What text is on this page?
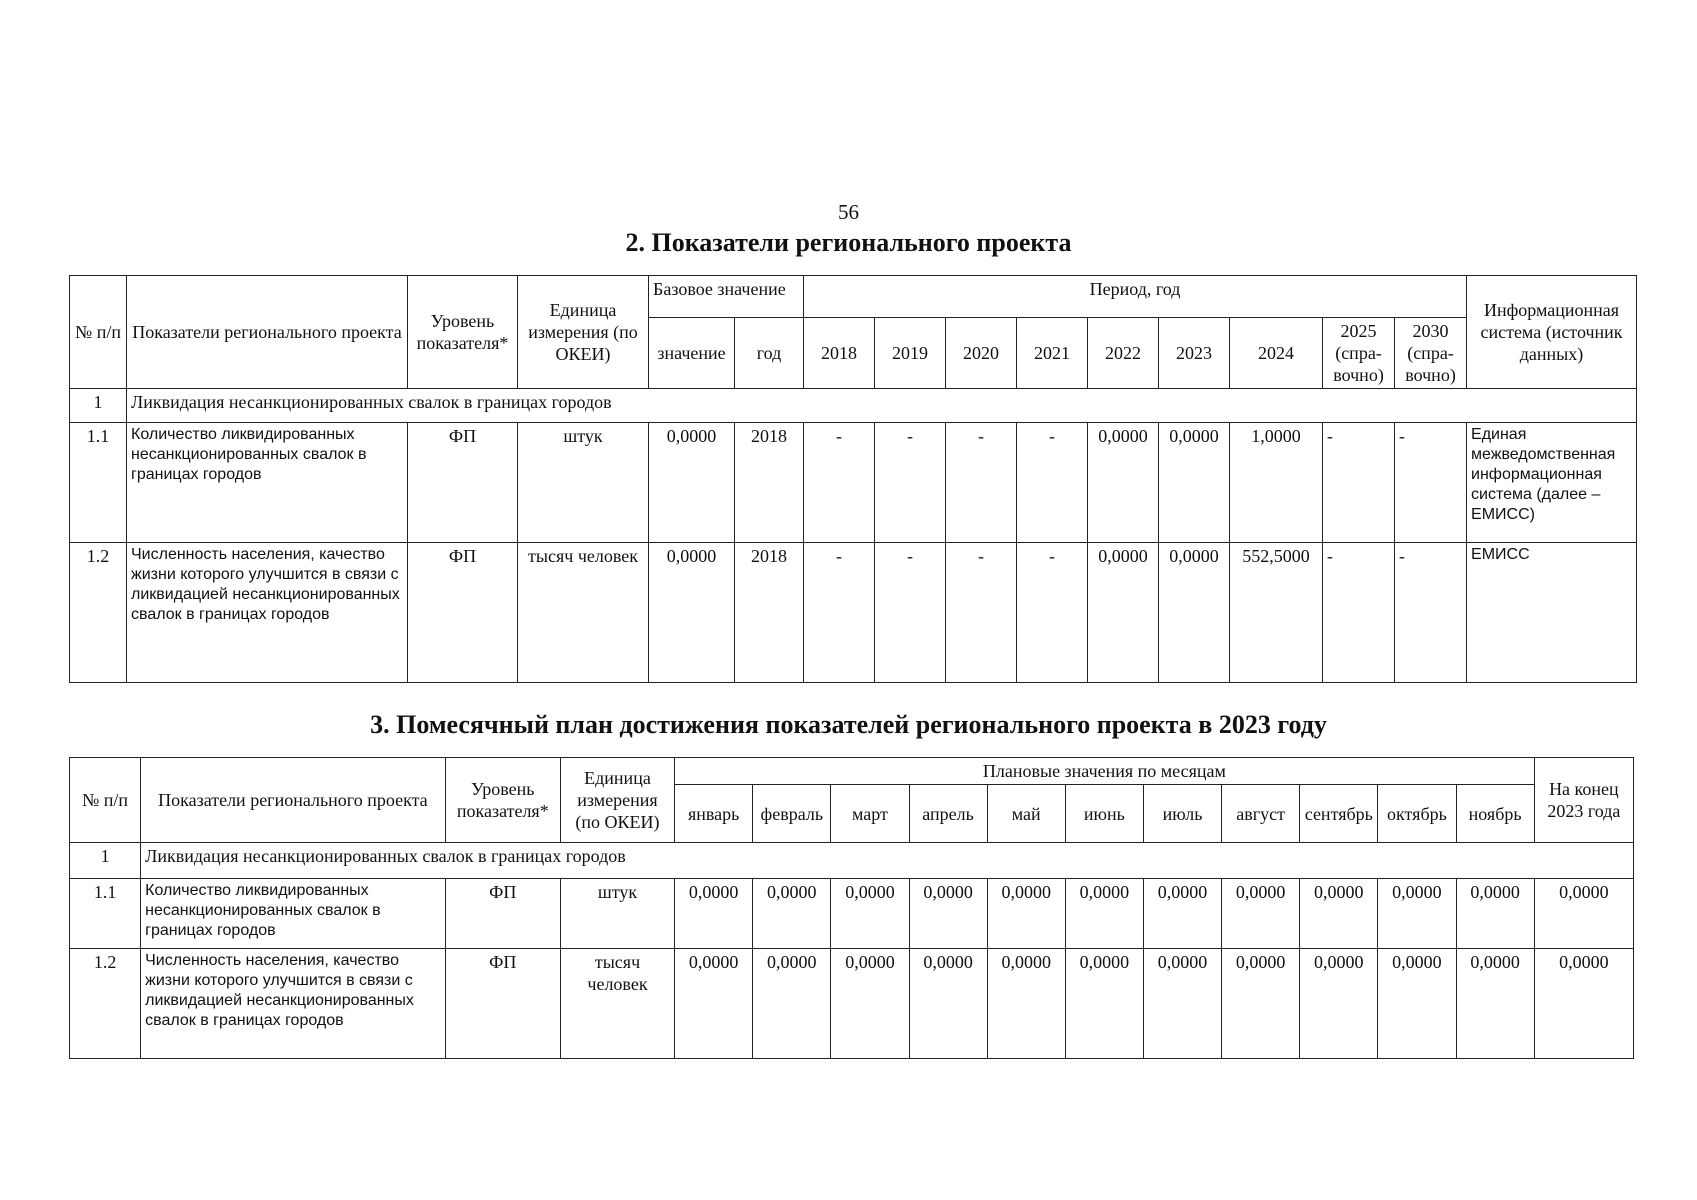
56
2. Показатели регионального проекта
№ п/п	Показатели регионального проекта	Уровень показателя*	Единица измерения (по ОКЕИ)	Базовое значение		Период, год									Информационная система (источник данных)
				значение	год	2018	2019	2020	2021	2022	2023	2024	2025 (спра-вочно)	2030 (спра-вочно)	
1	Ликвидация несанкционированных свалок в границах городов														
1.1	Количество ликвидированных несанкционированных свалок в границах городов	ФП	штук	0,0000	2018	-	-	-	-	0,0000	0,0000	1,0000	-	-	Единая межведомственная информационная система (далее – ЕМИСС)
1.2	Численность населения, качество жизни которого улучшится в связи с ликвидацией несанкционированных свалок в границах городов	ФП	тысяч человек	0,0000	2018	-	-	-	-	0,0000	0,0000	552,5000	-	-	ЕМИСС
3. Помесячный план достижения показателей регионального проекта в 2023 году
№ п/п	Показатели регионального проекта	Уровень показателя*	Единица измерения (по ОКЕИ)	Плановые значения по месяцам											На конец 2023 года
				январь	февраль	март	апрель	май	июнь	июль	август	сентябрь	октябрь	ноябрь	
1	Ликвидация несанкционированных свалок в границах городов														
1.1	Количество ликвидированных несанкционированных свалок в границах городов	ФП	штук	0,0000	0,0000	0,0000	0,0000	0,0000	0,0000	0,0000	0,0000	0,0000	0,0000	0,0000	0,0000
1.2	Численность населения, качество жизни которого улучшится в связи с ликвидацией несанкционированных свалок в границах городов	ФП	тысяч человек	0,0000	0,0000	0,0000	0,0000	0,0000	0,0000	0,0000	0,0000	0,0000	0,0000	0,0000	0,0000
